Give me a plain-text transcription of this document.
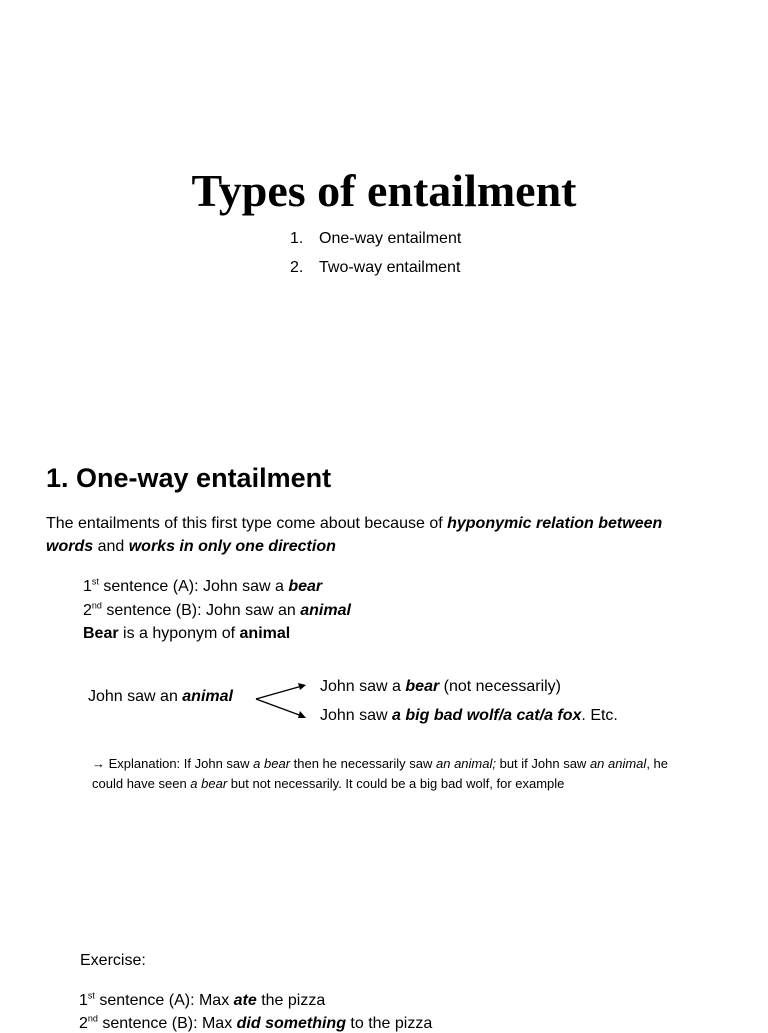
Types of entailment
1. One-way entailment
2. Two-way entailment
1. One-way entailment
The entailments of this first type come about because of hyponymic relation between words and works in only one direction
1st sentence (A): John saw a bear
2nd sentence (B): John saw an animal
Bear is a hyponym of animal
John saw an animal
John saw a bear (not necessarily)
John saw a big bad wolf/a cat/a fox. Etc.
→ Explanation: If John saw a bear then he necessarily saw an animal; but if John saw an animal, he could have seen a bear but not necessarily. It could be a big bad wolf, for example
Exercise:
1st sentence (A): Max ate the pizza
2nd sentence (B): Max did something to the pizza
